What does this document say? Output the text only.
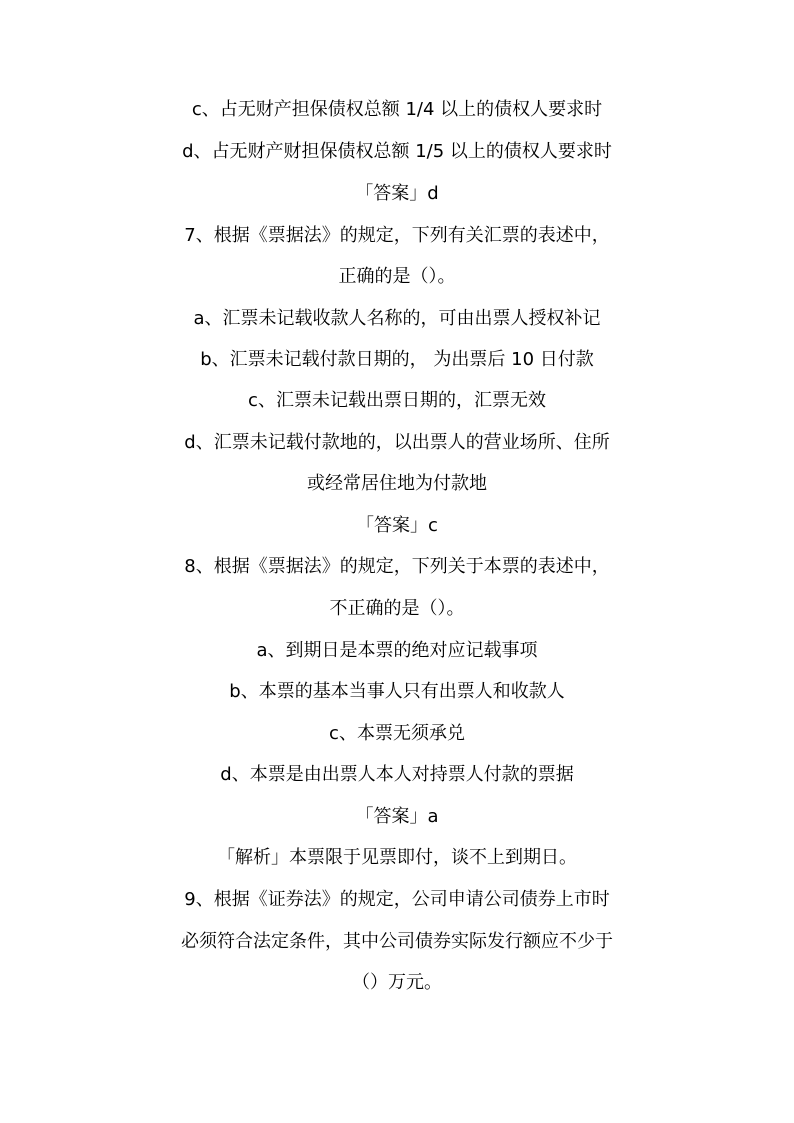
c、占无财产担保债权总额 1/4 以上的债权人要求时
d、占无财产财担保债权总额 1/5 以上的债权人要求时
「答案」d
7、根据《票据法》的规定，下列有关汇票的表述中，
正确的是（）。
a、汇票未记载收款人名称的，可由出票人授权补记
b、汇票未记载付款日期的， 为出票后 10 日付款
c、汇票未记载出票日期的，汇票无效
d、汇票未记载付款地的，以出票人的营业场所、住所
或经常居住地为付款地
「答案」c
8、根据《票据法》的规定，下列关于本票的表述中，
不正确的是（）。
a、到期日是本票的绝对应记载事项
b、本票的基本当事人只有出票人和收款人
c、本票无须承兑
d、本票是由出票人本人对持票人付款的票据
「答案」a
「解析」本票限于见票即付，谈不上到期日。
9、根据《证券法》的规定，公司申请公司债券上市时
必须符合法定条件，其中公司债券实际发行额应不少于
（）万元。
